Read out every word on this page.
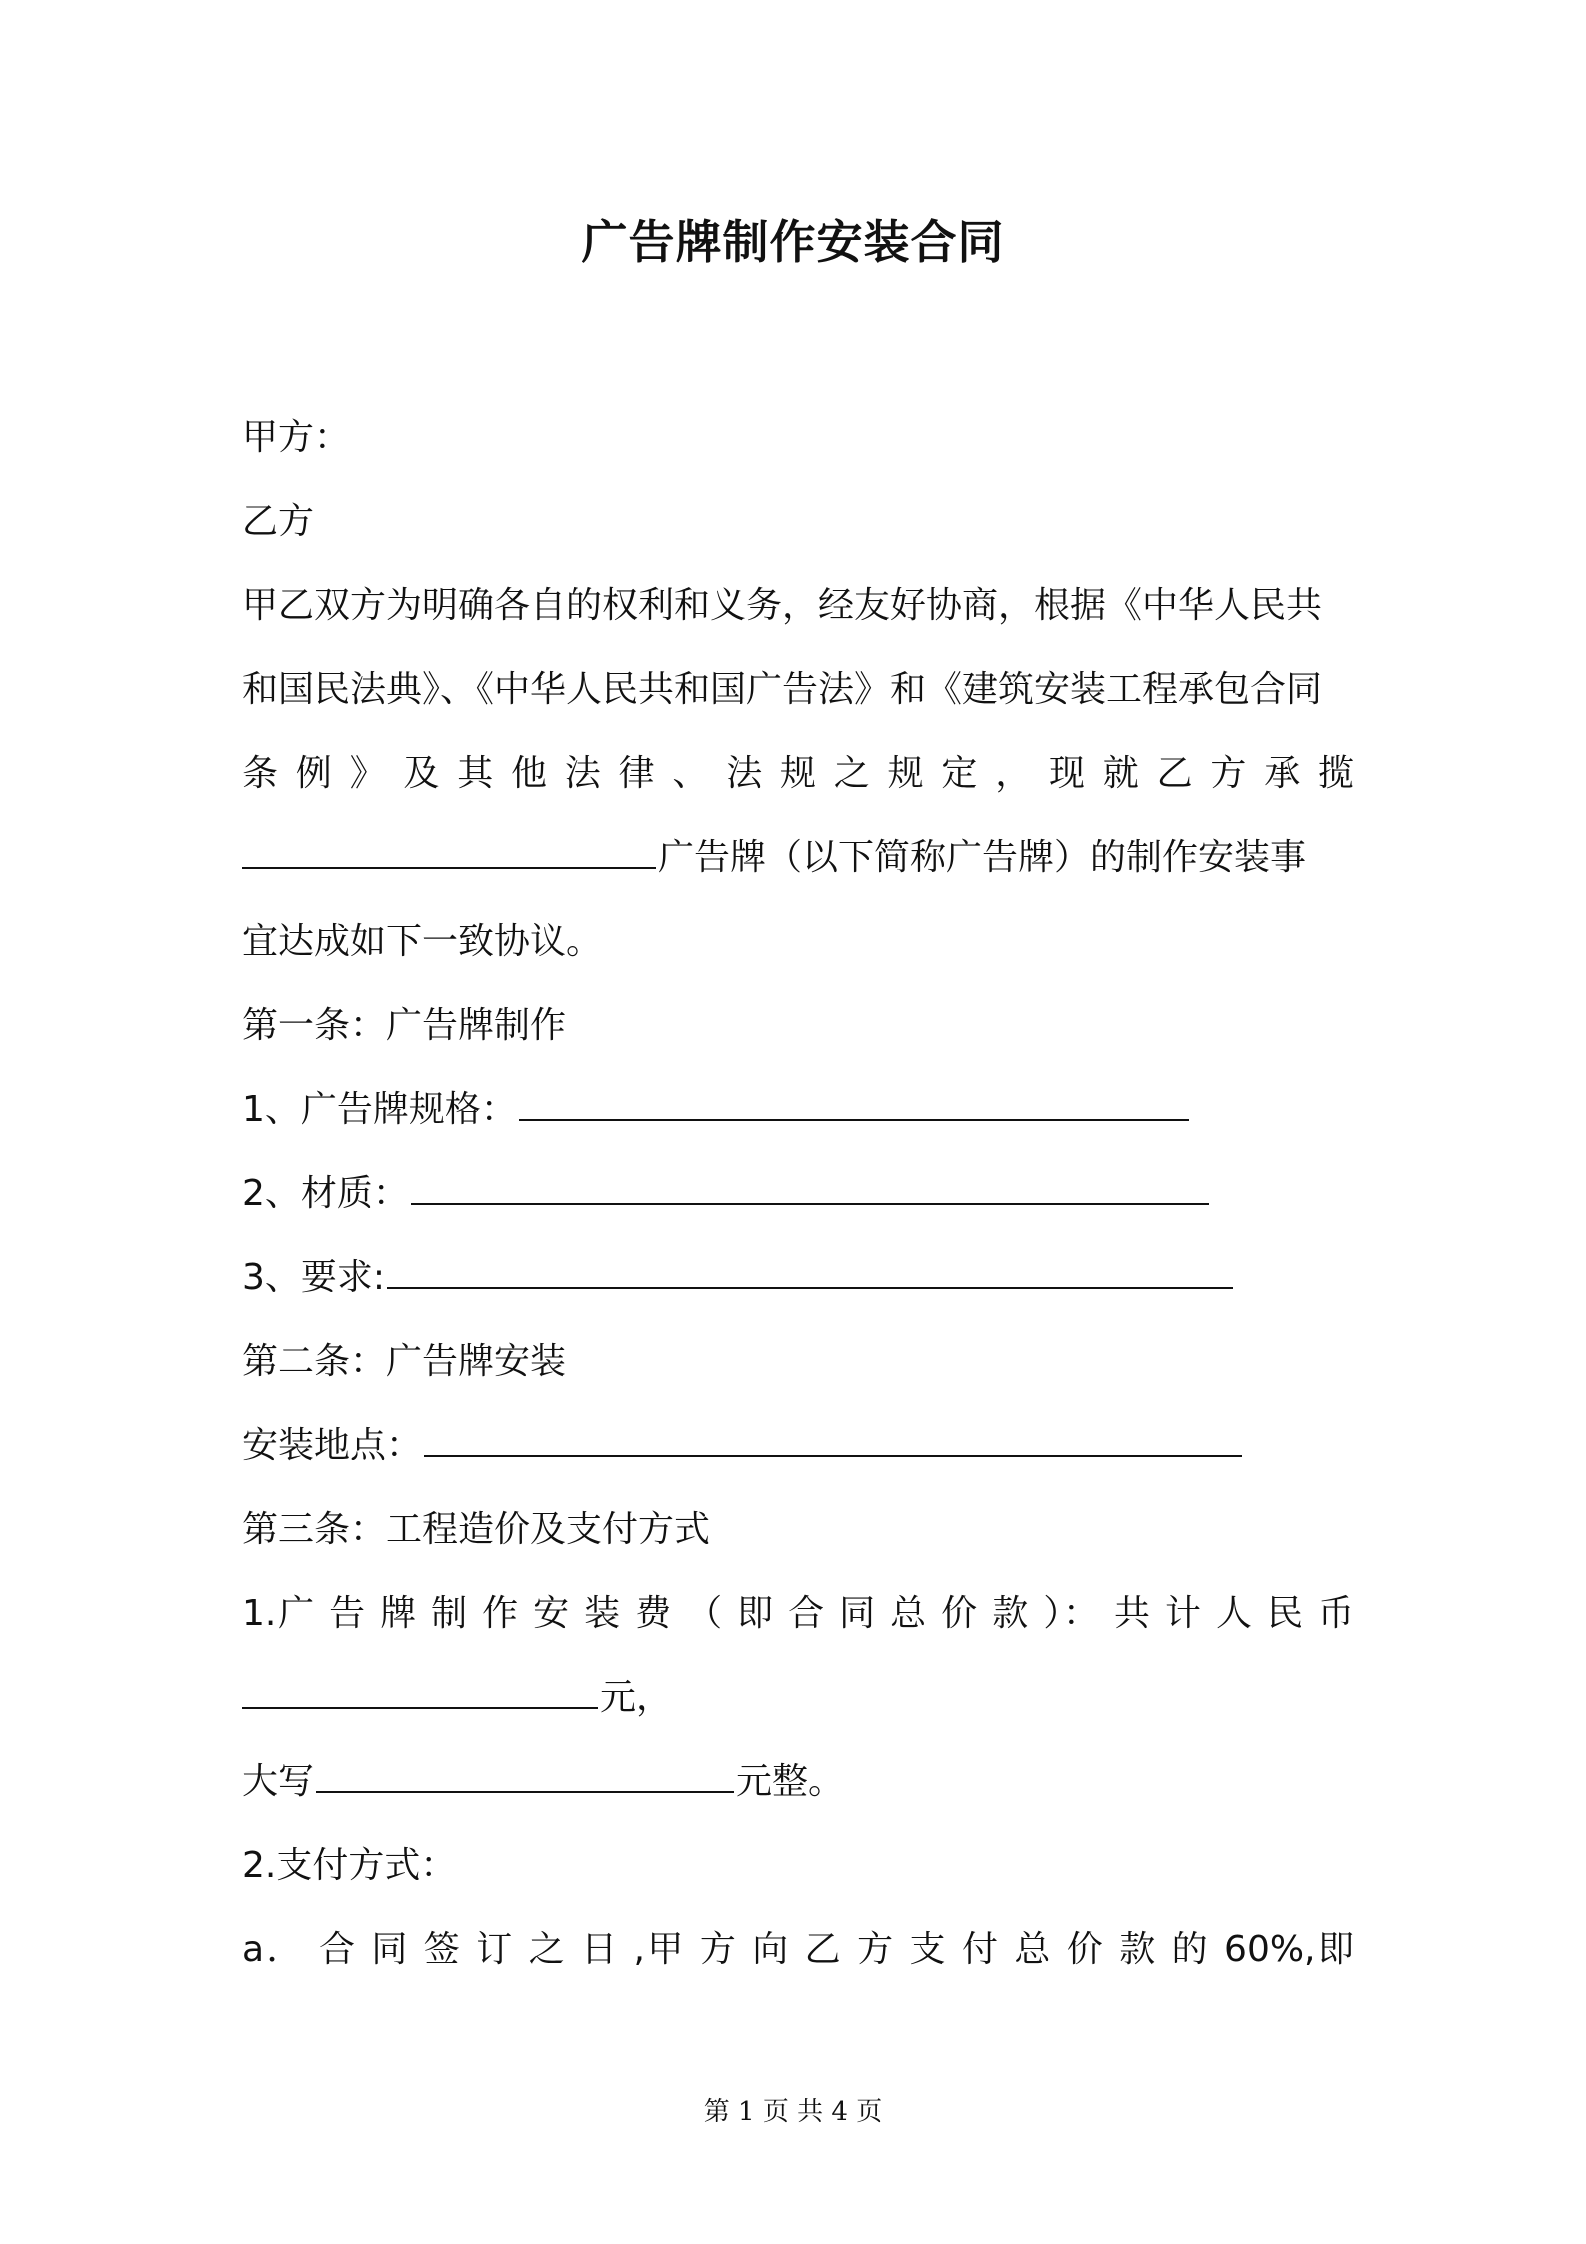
广告牌制作安装合同
甲方：
乙方
甲乙双方为明确各自的权利和义务，经友好协商，根据《中华人民共
和国民法典》、《中华人民共和国广告法》和《建筑安装工程承包合同
条 例 》 及 其 他 法 律 、 法 规 之 规 定 ， 现 就 乙 方 承 揽
广告牌（以下简称广告牌）的制作安装事
宜达成如下一致协议。
第一条：广告牌制作
1、广告牌规格：
2、材质：
3、要求:
第二条：广告牌安装
安装地点：
第三条：工程造价及支付方式
1.广 告 牌 制 作 安 装 费 （ 即 合 同 总 价 款 ）： 共 计 人 民 币
元，
大写	元整。
2.支付方式：
a． 合 同 签 订 之 日 ,甲 方 向 乙 方 支 付 总 价 款 的 60%,即
第 1 页 共 4 页
